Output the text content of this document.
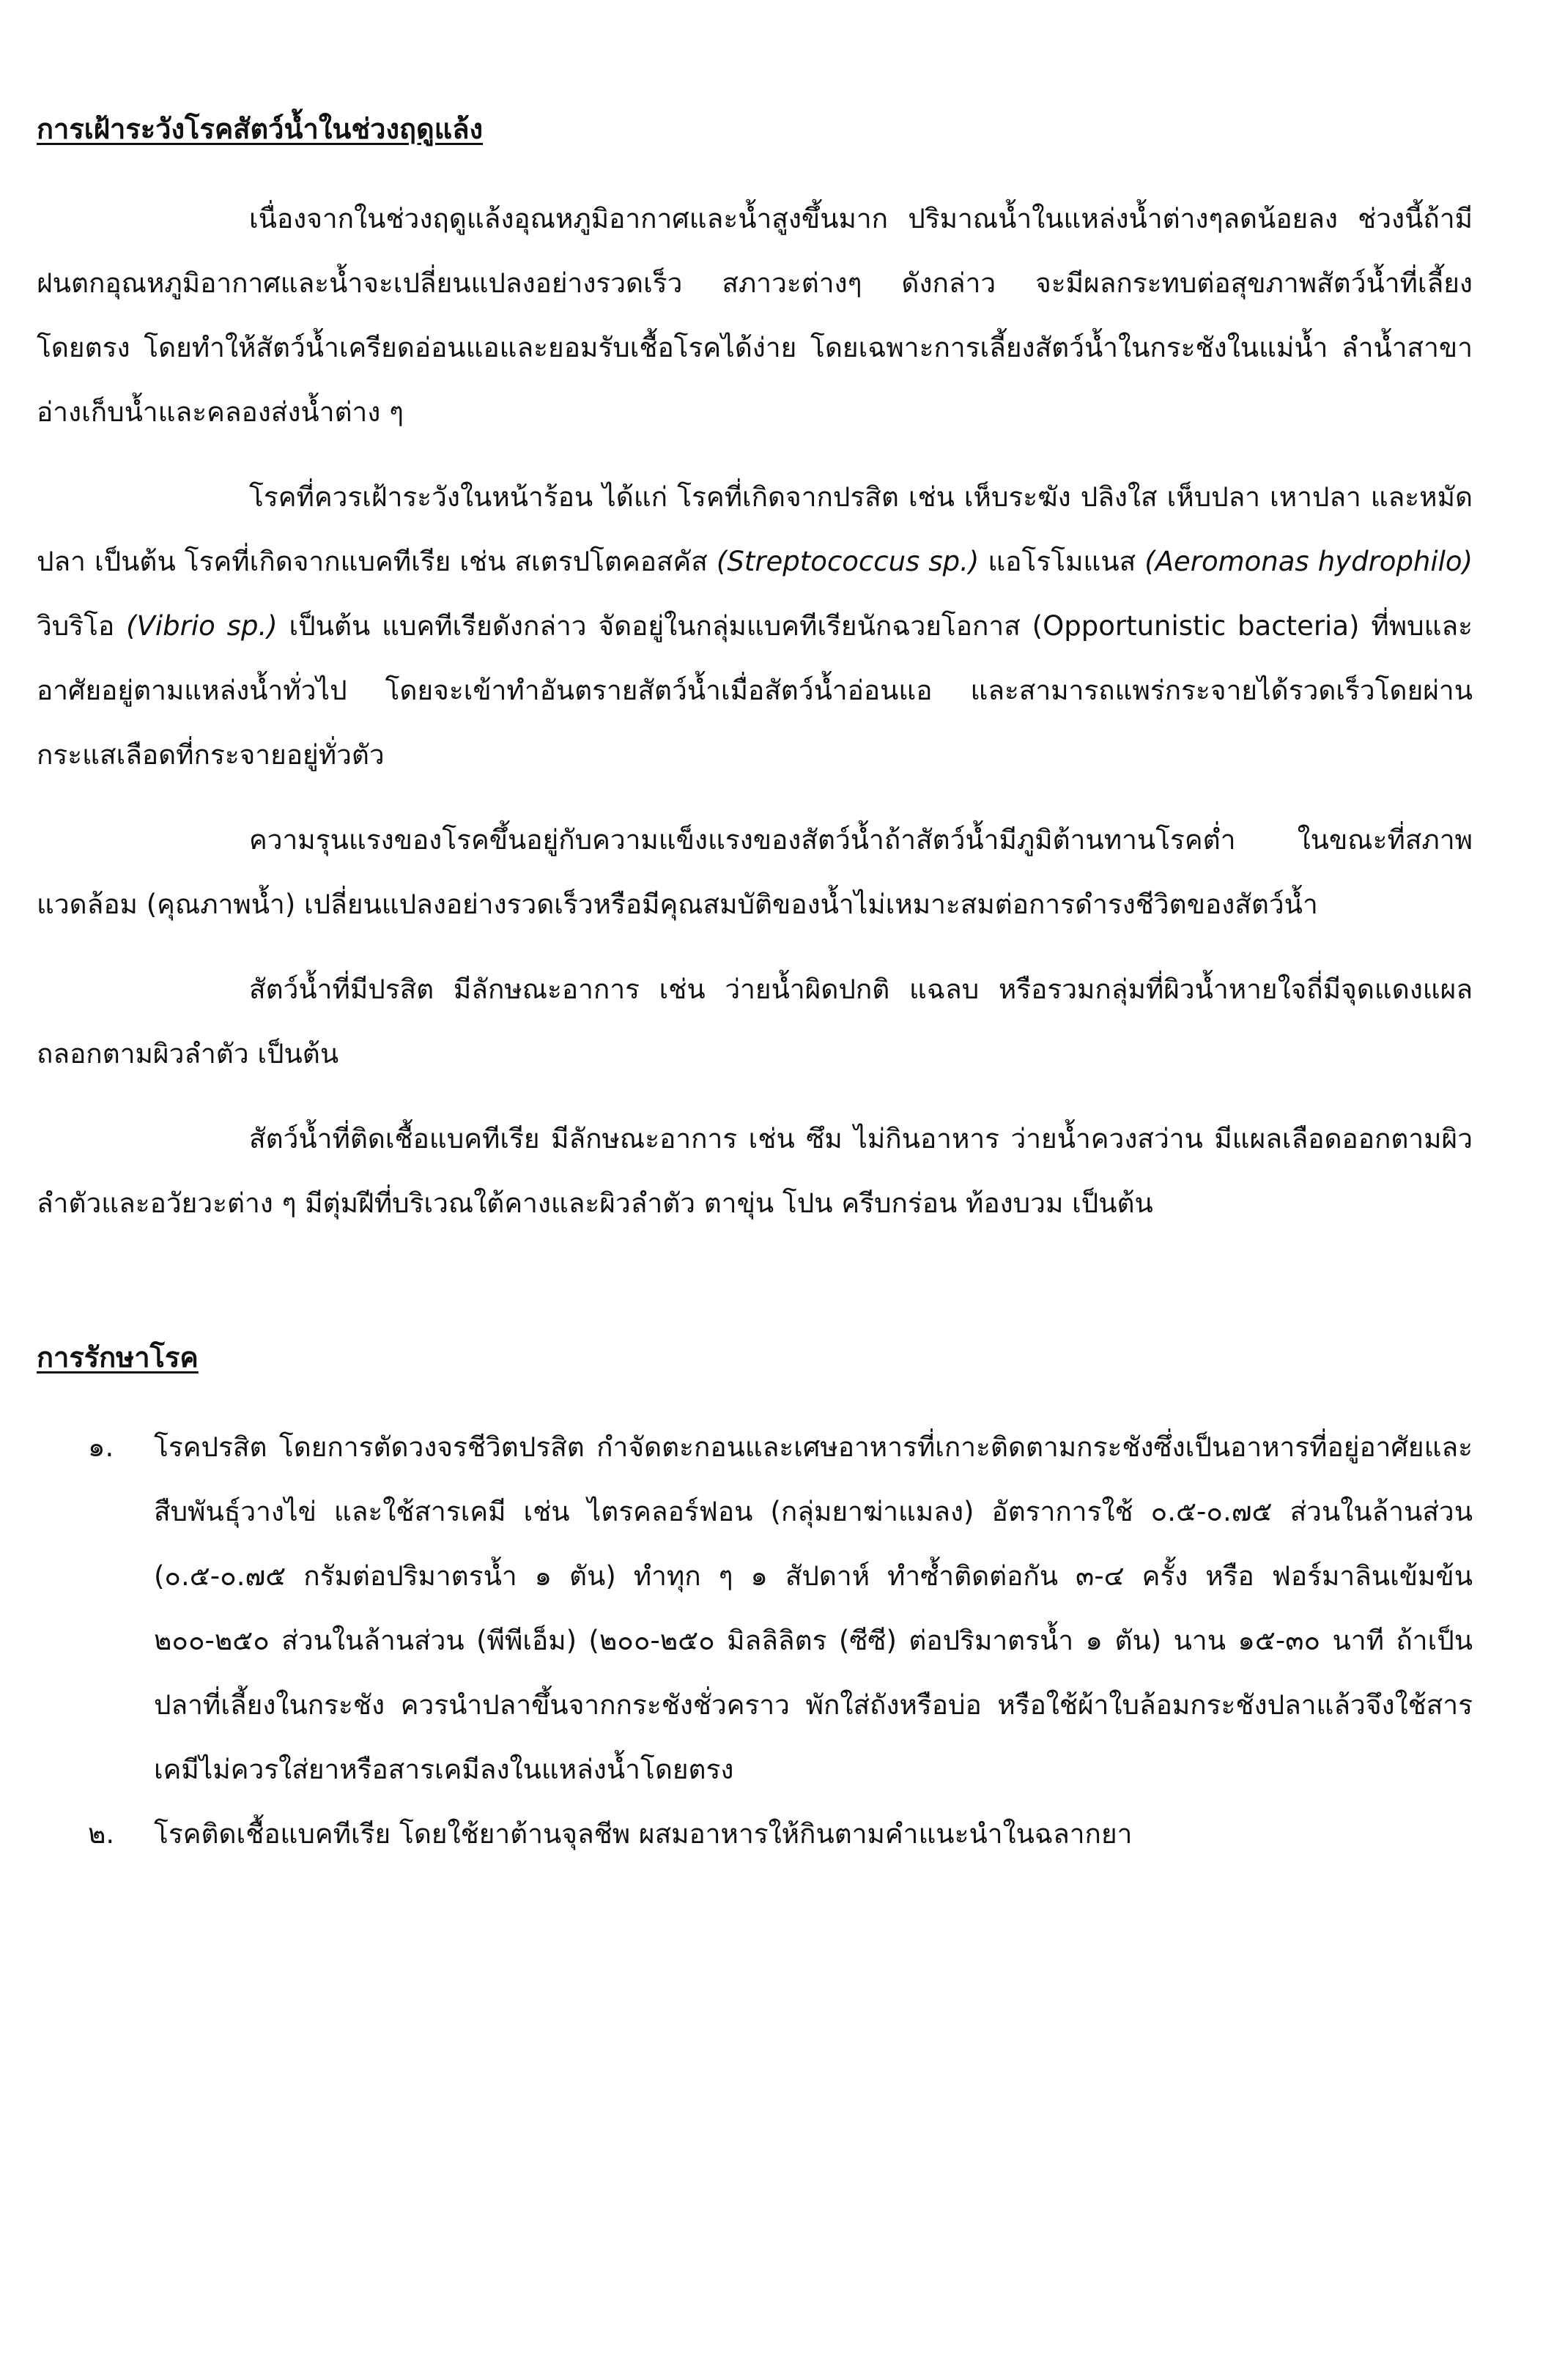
การเฝ้าระวังโรคสัตว์น้ำในช่วงฤดูแล้ง

เนื่องจากในช่วงฤดูแล้งอุณหภูมิอากาศและน้ำสูงขึ้นมาก ปริมาณน้ำในแหล่งน้ำต่างๆลดน้อยลง ช่วงนี้ถ้ามีฝนตกอุณหภูมิอากาศและน้ำจะเปลี่ยนแปลงอย่างรวดเร็ว สภาวะต่างๆ ดังกล่าว จะมีผลกระทบต่อสุขภาพสัตว์น้ำที่เลี้ยงโดยตรง โดยทำให้สัตว์น้ำเครียดอ่อนแอและยอมรับเชื้อโรคได้ง่าย โดยเฉพาะการเลี้ยงสัตว์น้ำในกระชังในแม่น้ำ ลำน้ำสาขา อ่างเก็บน้ำและคลองส่งน้ำต่าง ๆ

โรคที่ควรเฝ้าระวังในหน้าร้อน ได้แก่ โรคที่เกิดจากปรสิต เช่น เห็บระฆัง ปลิงใส เห็บปลา เหาปลา และหมัดปลา เป็นต้น โรคที่เกิดจากแบคทีเรีย เช่น สเตรปโตคอสคัส (Streptococcus sp.) แอโรโมแนส (Aeromonas hydrophilo) วิบริโอ (Vibrio sp.) เป็นต้น แบคทีเรียดังกล่าว จัดอยู่ในกลุ่มแบคทีเรียนักฉวยโอกาส (Opportunistic bacteria) ที่พบและอาศัยอยู่ตามแหล่งน้ำทั่วไป โดยจะเข้าทำอันตรายสัตว์น้ำเมื่อสัตว์น้ำอ่อนแอ และสามารถแพร่กระจายได้รวดเร็วโดยผ่านกระแสเลือดที่กระจายอยู่ทั่วตัว

ความรุนแรงของโรคขึ้นอยู่กับความแข็งแรงของสัตว์น้ำถ้าสัตว์น้ำมีภูมิต้านทานโรคต่ำ ในขณะที่สภาพแวดล้อม (คุณภาพน้ำ) เปลี่ยนแปลงอย่างรวดเร็วหรือมีคุณสมบัติของน้ำไม่เหมาะสมต่อการดำรงชีวิตของสัตว์น้ำ

สัตว์น้ำที่มีปรสิต มีลักษณะอาการ เช่น ว่ายน้ำผิดปกติ แฉลบ หรือรวมกลุ่มที่ผิวน้ำหายใจถี่มีจุดแดงแผล ถลอกตามผิวลำตัว เป็นต้น

สัตว์น้ำที่ติดเชื้อแบคทีเรีย มีลักษณะอาการ เช่น ซึม ไม่กินอาหาร ว่ายน้ำควงสว่าน มีแผลเลือดออกตามผิว ลำตัวและอวัยวะต่าง ๆ มีตุ่มฝีที่บริเวณใต้คางและผิวลำตัว ตาขุ่น โปน ครีบกร่อน ท้องบวม เป็นต้น

การรักษาโรค
๑. โรคปรสิต โดยการตัดวงจรชีวิตปรสิต กำจัดตะกอนและเศษอาหารที่เกาะติดตามกระชังซึ่งเป็นอาหารที่อยู่อาศัยและสืบพันธุ์วางไข่ และใช้สารเคมี เช่น ไตรคลอร์ฟอน (กลุ่มยาฆ่าแมลง) อัตราการใช้ ๐.๕-๐.๗๕ ส่วนในล้านส่วน (๐.๕-๐.๗๕ กรัมต่อปริมาตรน้ำ ๑ ตัน) ทำทุก ๆ ๑ สัปดาห์ ทำซ้ำติดต่อกัน ๓-๔ ครั้ง หรือ ฟอร์มาลินเข้มข้น ๒๐๐-๒๕๐ ส่วนในล้านส่วน (พีพีเอ็ม) (๒๐๐-๒๕๐ มิลลิลิตร (ซีซี) ต่อปริมาตรน้ำ ๑ ตัน) นาน ๑๕-๓๐ นาที ถ้าเป็นปลาที่เลี้ยงในกระชัง ควรนำปลาขึ้นจากกระชังชั่วคราว พักใส่ถังหรือบ่อ หรือใช้ผ้าใบล้อมกระชังปลาแล้วจึงใช้สารเคมีไม่ควรใส่ยาหรือสารเคมีลงในแหล่งน้ำโดยตรง
๒. โรคติดเชื้อแบคทีเรีย โดยใช้ยาต้านจุลชีพ ผสมอาหารให้กินตามคำแนะนำในฉลากยา
